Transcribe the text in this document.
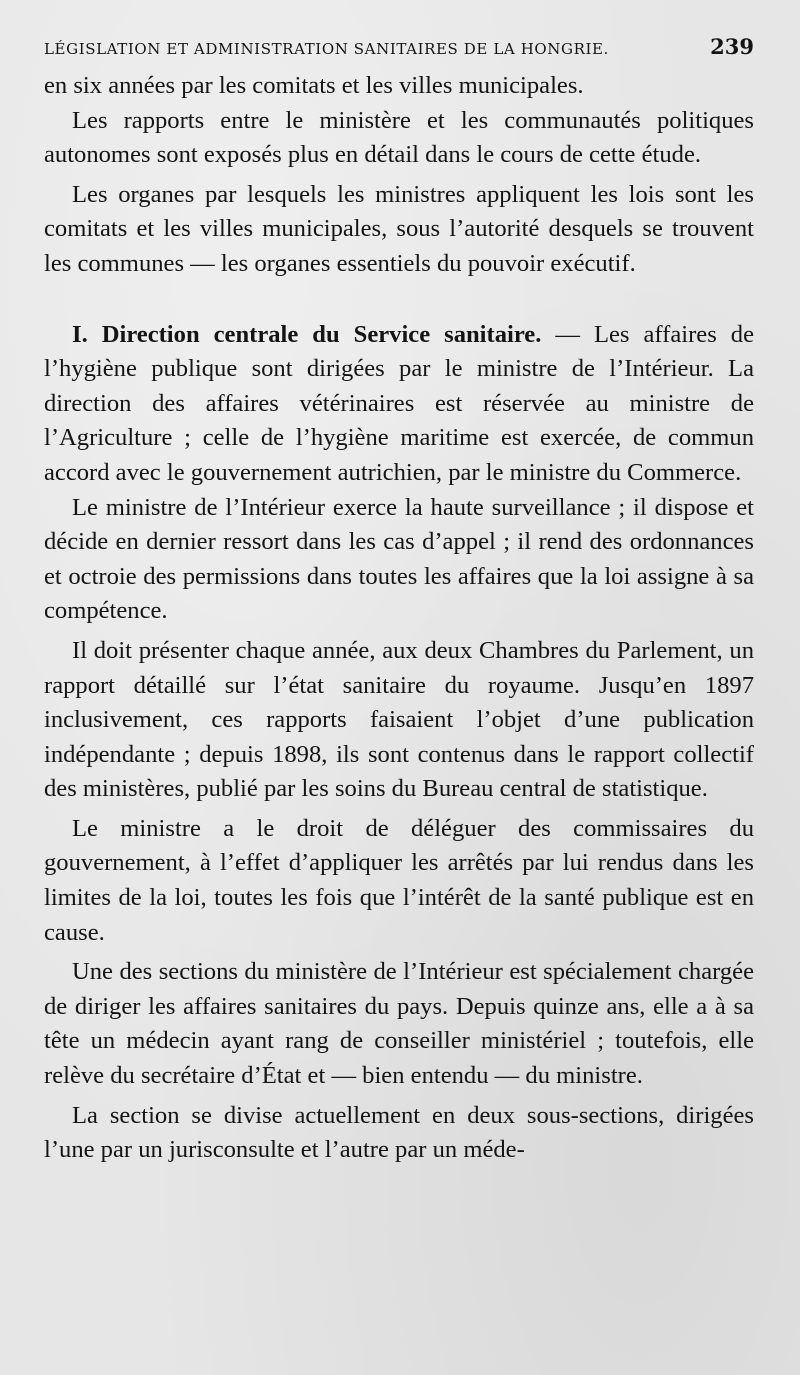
LÉGISLATION ET ADMINISTRATION SANITAIRES DE LA HONGRIE.	239

en six années par les comitats et les villes municipales.

Les rapports entre le ministère et les communautés politiques autonomes sont exposés plus en détail dans le cours de cette étude.

Les organes par lesquels les ministres appliquent les lois sont les comitats et les villes municipales, sous l’autorité desquels se trouvent les communes — les organes essentiels du pouvoir exécutif.

I. Direction centrale du Service sanitaire. — Les affaires de l’hygiène publique sont dirigées par le ministre de l’Intérieur. La direction des affaires vétérinaires est réservée au ministre de l’Agriculture ; celle de l’hygiène maritime est exercée, de commun accord avec le gouvernement autrichien, par le ministre du Commerce.

Le ministre de l’Intérieur exerce la haute surveillance ; il dispose et décide en dernier ressort dans les cas d’appel ; il rend des ordonnances et octroie des permissions dans toutes les affaires que la loi assigne à sa compétence.

Il doit présenter chaque année, aux deux Chambres du Parlement, un rapport détaillé sur l’état sanitaire du royaume. Jusqu’en 1897 inclusivement, ces rapports faisaient l’objet d’une publication indépendante ; depuis 1898, ils sont contenus dans le rapport collectif des ministères, publié par les soins du Bureau central de statistique.

Le ministre a le droit de déléguer des commissaires du gouvernement, à l’effet d’appliquer les arrêtés par lui rendus dans les limites de la loi, toutes les fois que l’intérêt de la santé publique est en cause.

Une des sections du ministère de l’Intérieur est spécialement chargée de diriger les affaires sanitaires du pays. Depuis quinze ans, elle a à sa tête un médecin ayant rang de conseiller ministériel ; toutefois, elle relève du secrétaire d’État et — bien entendu — du ministre.

La section se divise actuellement en deux sous-sections, dirigées l’une par un jurisconsulte et l’autre par un méde-
